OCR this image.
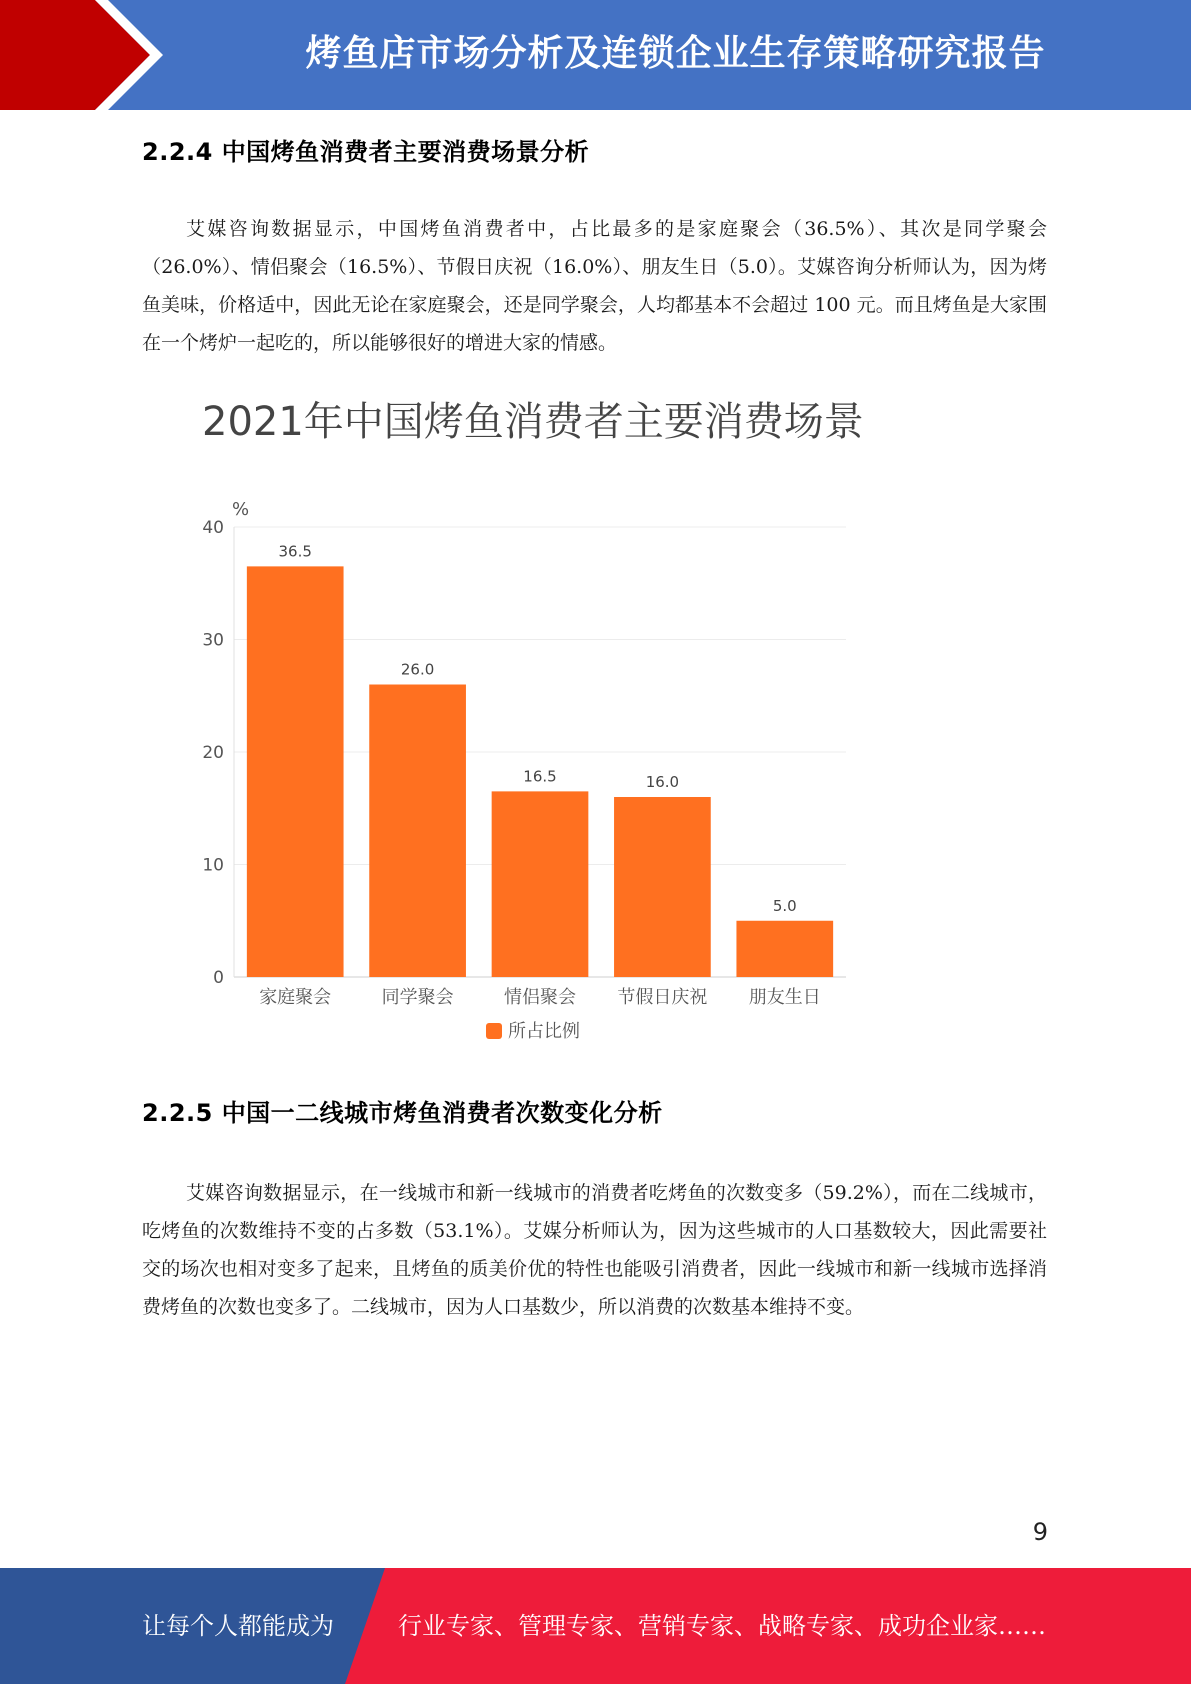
烤鱼店市场分析及连锁企业生存策略研究报告
2.2.4 中国烤鱼消费者主要消费场景分析
艾媒咨询数据显示，中国烤鱼消费者中，占比最多的是家庭聚会（36.5%）、其次是同学聚会（26.0%）、情侣聚会（16.5%）、节假日庆祝（16.0%）、朋友生日（5.0）。艾媒咨询分析师认为，因为烤鱼美味，价格适中，因此无论在家庭聚会，还是同学聚会，人均都基本不会超过 100 元。而且烤鱼是大家围在一个烤炉一起吃的，所以能够很好的增进大家的情感。
2021年中国烤鱼消费者主要消费场景
%
0
10
20
30
40
36.5
26.0
16.5	16.0
5.0
家庭聚会	同学聚会	情侣聚会 节假日庆祝 朋友生日
所占比例
2.2.5 中国一二线城市烤鱼消费者次数变化分析
艾媒咨询数据显示，在一线城市和新一线城市的消费者吃烤鱼的次数变多（59.2%），而在二线城市，吃烤鱼的次数维持不变的占多数（53.1%）。艾媒分析师认为，因为这些城市的人口基数较大，因此需要社交的场次也相对变多了起来，且烤鱼的质美价优的特性也能吸引消费者，因此一线城市和新一线城市选择消费烤鱼的次数也变多了。二线城市，因为人口基数少，所以消费的次数基本维持不变。
9
让每个人都能成为	行业专家、管理专家、营销专家、战略专家、成功企业家……
